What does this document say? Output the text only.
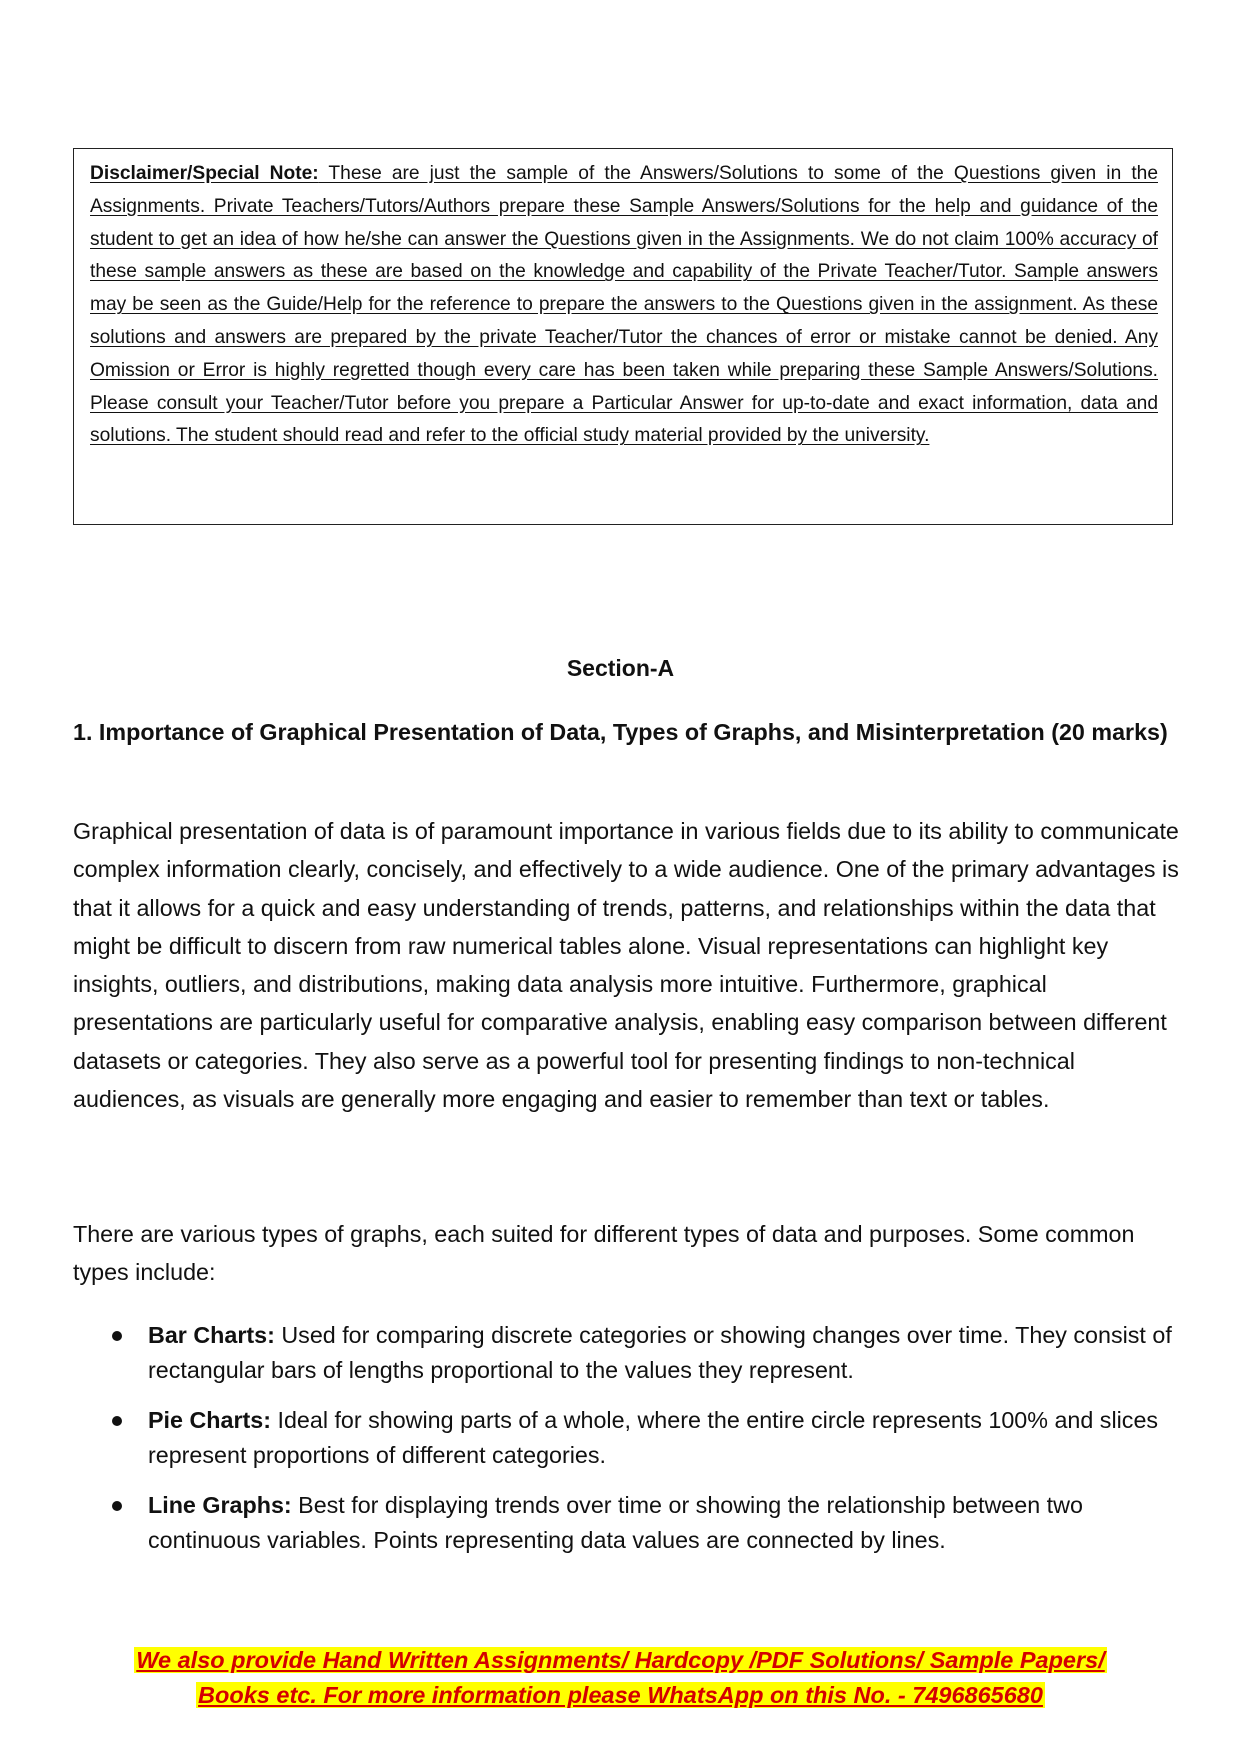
Disclaimer/Special Note: These are just the sample of the Answers/Solutions to some of the Questions given in the Assignments. Private Teachers/Tutors/Authors prepare these Sample Answers/Solutions for the help and guidance of the student to get an idea of how he/she can answer the Questions given in the Assignments. We do not claim 100% accuracy of these sample answers as these are based on the knowledge and capability of the Private Teacher/Tutor. Sample answers may be seen as the Guide/Help for the reference to prepare the answers to the Questions given in the assignment. As these solutions and answers are prepared by the private Teacher/Tutor the chances of error or mistake cannot be denied. Any Omission or Error is highly regretted though every care has been taken while preparing these Sample Answers/Solutions. Please consult your Teacher/Tutor before you prepare a Particular Answer for up-to-date and exact information, data and solutions. The student should read and refer to the official study material provided by the university.

Section-A
1. Importance of Graphical Presentation of Data, Types of Graphs, and Misinterpretation (20 marks)

Graphical presentation of data is of paramount importance in various fields due to its ability to communicate complex information clearly, concisely, and effectively to a wide audience. One of the primary advantages is that it allows for a quick and easy understanding of trends, patterns, and relationships within the data that might be difficult to discern from raw numerical tables alone. Visual representations can highlight key insights, outliers, and distributions, making data analysis more intuitive. Furthermore, graphical presentations are particularly useful for comparative analysis, enabling easy comparison between different datasets or categories. They also serve as a powerful tool for presenting findings to non-technical audiences, as visuals are generally more engaging and easier to remember than text or tables.

There are various types of graphs, each suited for different types of data and purposes. Some common types include:

Bar Charts: Used for comparing discrete categories or showing changes over time. They consist of rectangular bars of lengths proportional to the values they represent.
Pie Charts: Ideal for showing parts of a whole, where the entire circle represents 100% and slices represent proportions of different categories.
Line Graphs: Best for displaying trends over time or showing the relationship between two continuous variables. Points representing data values are connected by lines.
We also provide Hand Written Assignments/ Hardcopy /PDF Solutions/ Sample Papers/
Books etc. For more information please WhatsApp on this No. - 7496865680
